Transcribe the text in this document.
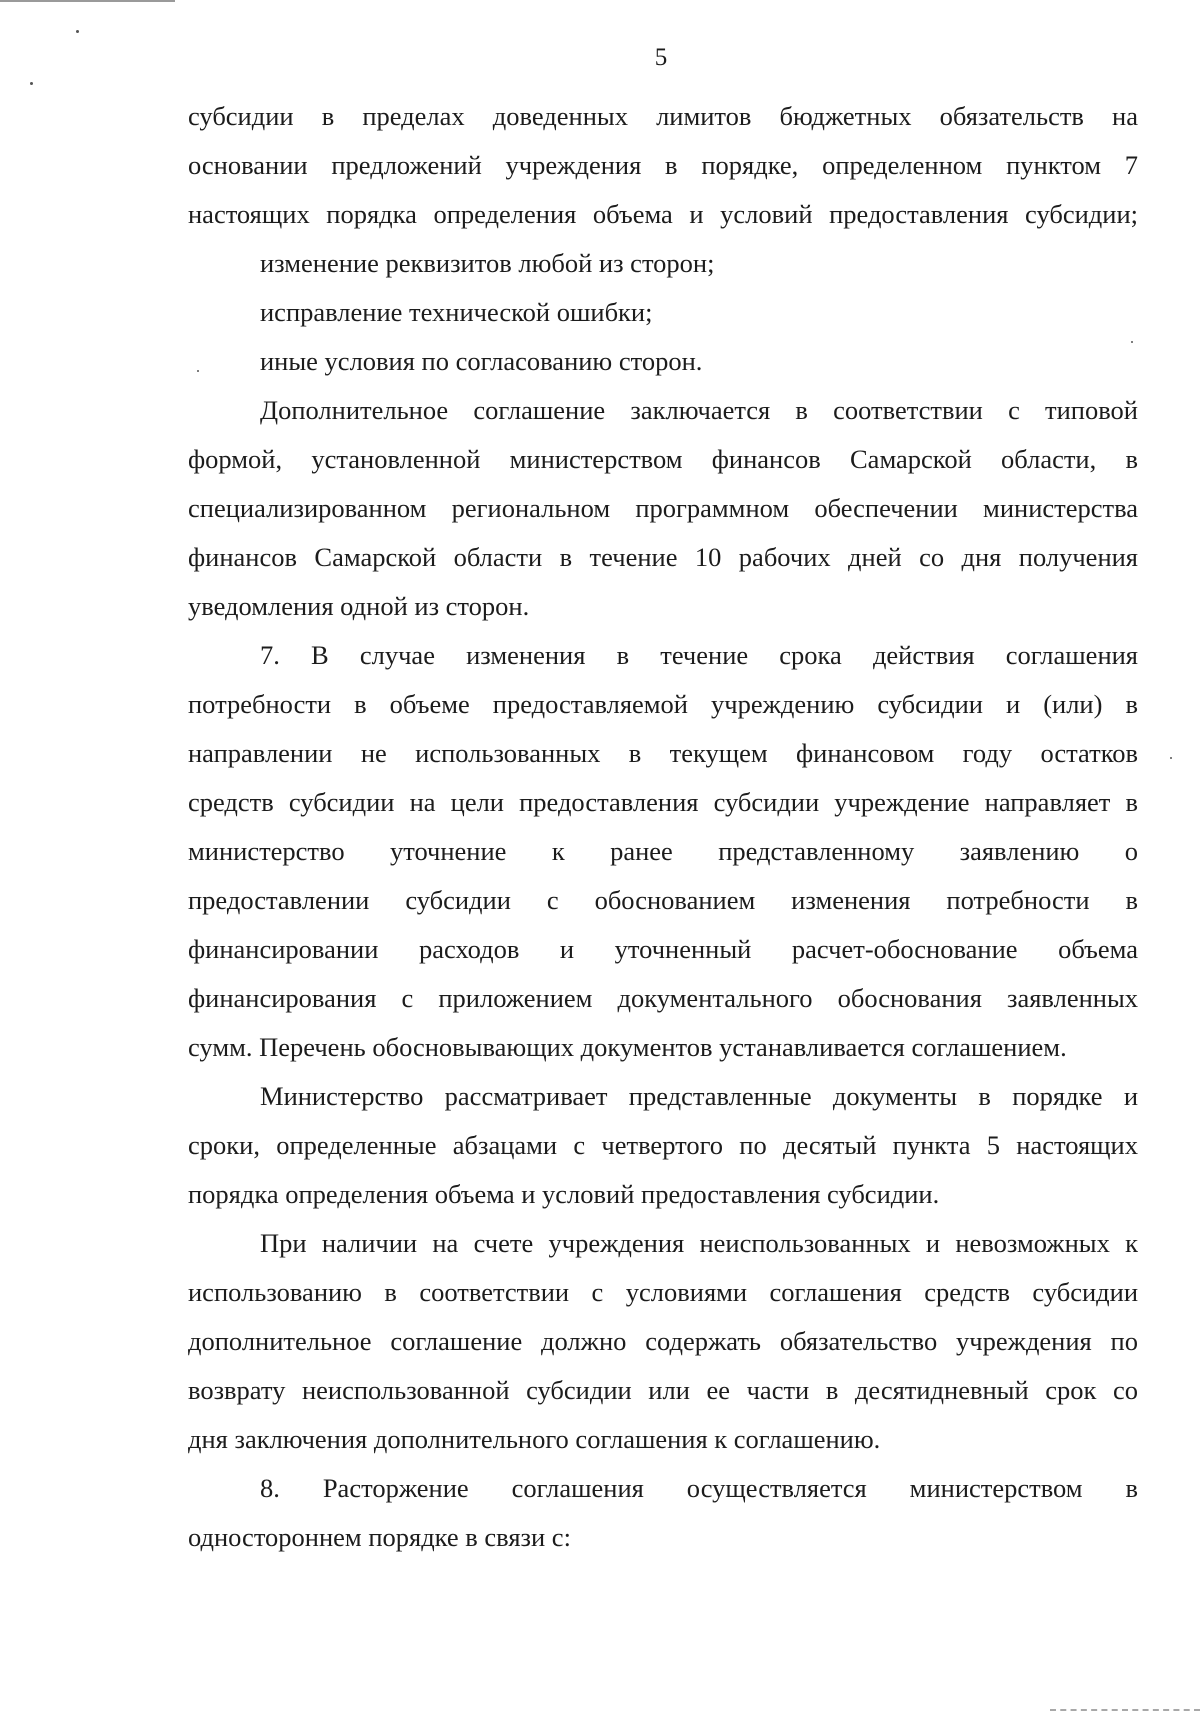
5
субсидии в пределах доведенных лимитов бюджетных обязательств на
основании предложений учреждения в порядке, определенном пунктом 7
настоящих порядка определения объема и условий предоставления субсидии;
изменение реквизитов любой из сторон;
исправление технической ошибки;
иные условия по согласованию сторон.
Дополнительное соглашение заключается в соответствии с типовой
формой, установленной министерством финансов Самарской области, в
специализированном региональном программном обеспечении министерства
финансов Самарской области в течение 10 рабочих дней со дня получения
уведомления одной из сторон.
7. В случае изменения в течение срока действия соглашения
потребности в объеме предоставляемой учреждению субсидии и (или) в
направлении не использованных в текущем финансовом году остатков
средств субсидии на цели предоставления субсидии учреждение направляет в
министерство уточнение к ранее представленному заявлению о
предоставлении субсидии с обоснованием изменения потребности в
финансировании расходов и уточненный расчет-обоснование объема
финансирования с приложением документального обоснования заявленных
сумм. Перечень обосновывающих документов устанавливается соглашением.
Министерство рассматривает представленные документы в порядке и
сроки, определенные абзацами с четвертого по десятый пункта 5 настоящих
порядка определения объема и условий предоставления субсидии.
При наличии на счете учреждения неиспользованных и невозможных к
использованию в соответствии с условиями соглашения средств субсидии
дополнительное соглашение должно содержать обязательство учреждения по
возврату неиспользованной субсидии или ее части в десятидневный срок со
дня заключения дополнительного соглашения к соглашению.
8. Расторжение соглашения осуществляется министерством в
одностороннем порядке в связи с:
